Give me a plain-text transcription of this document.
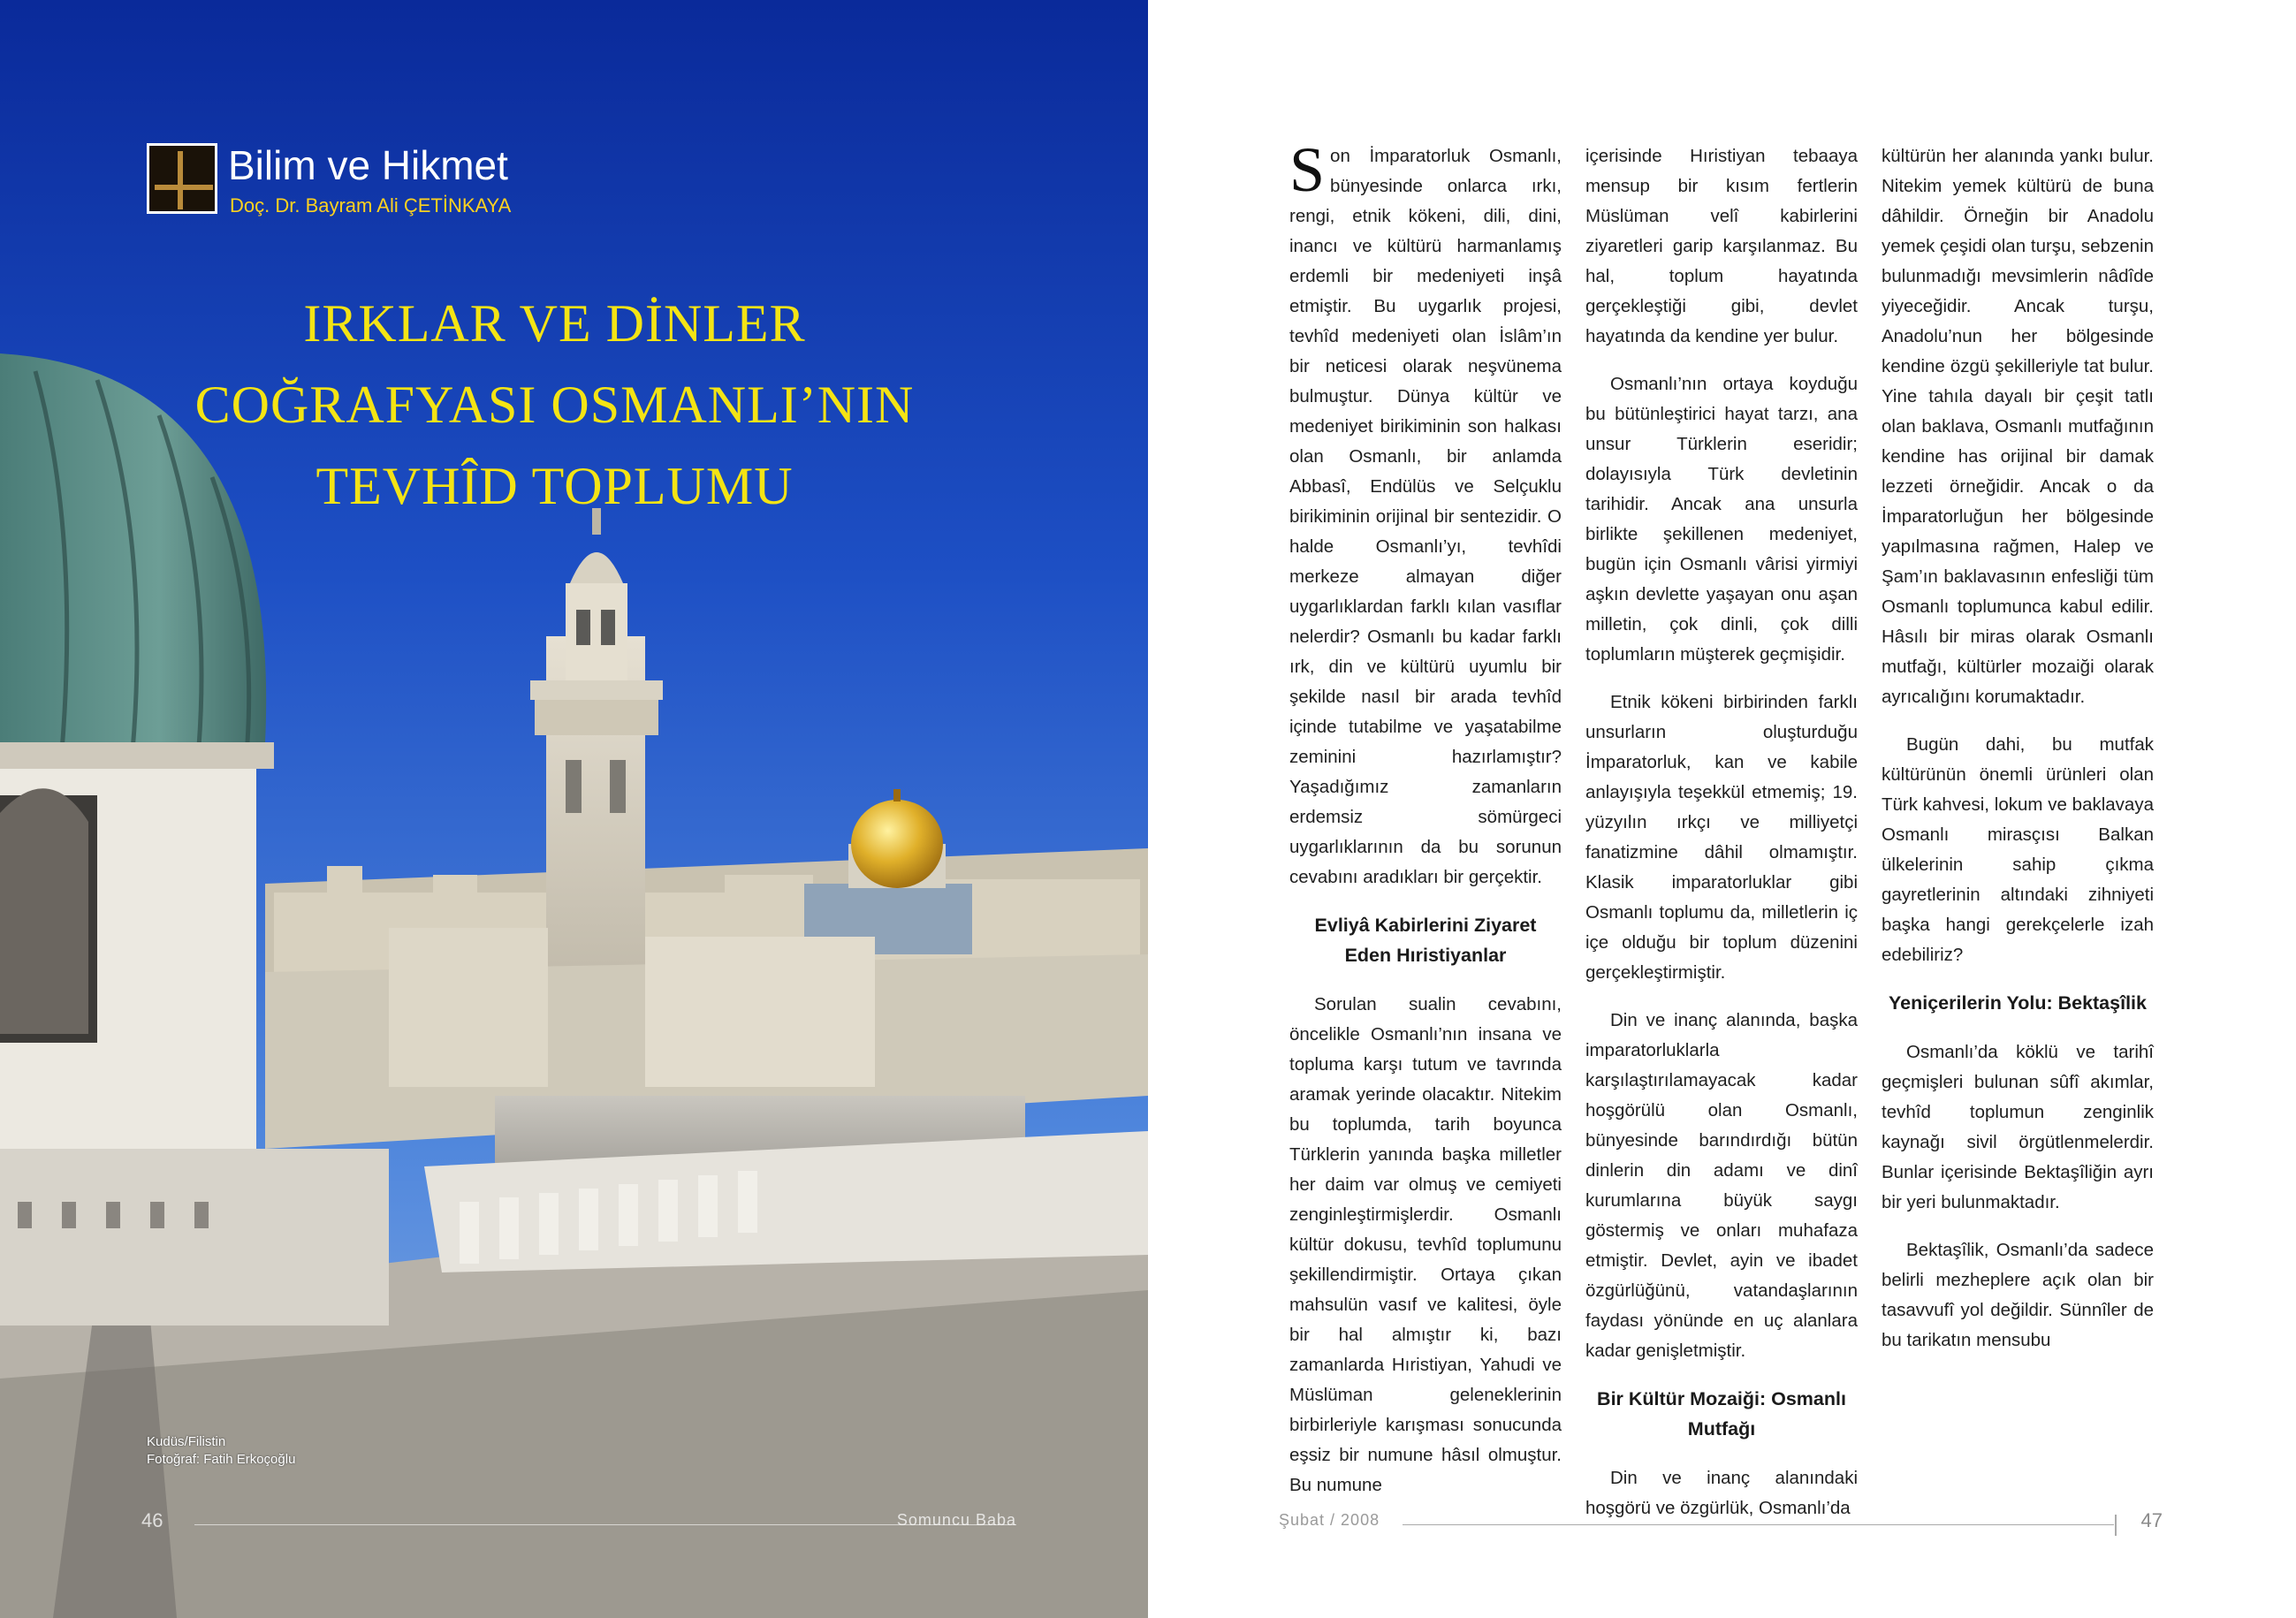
Bilim ve Hikmet
Doç. Dr. Bayram Ali ÇETİNKAYA
IRKLAR VE DİNLER
COĞRAFYASI OSMANLI’NIN
TEVHÎD TOPLUMU
Kudüs/Filistin
Fotoğraf: Fatih Erkoçoğlu
46	Somuncu Baba

Son İmparatorluk Osmanlı, bünyesinde onlarca ırkı, rengi, etnik kökeni, dili, dini, inancı ve kültürü harmanlamış erdemli bir medeniyeti inşâ etmiştir. Bu uygarlık projesi, tevhîd medeniyeti olan İslâm’ın bir neticesi olarak neşvünema bulmuştur. Dünya kültür ve medeniyet birikiminin son halkası olan Osmanlı, bir anlamda Abbasî, Endülüs ve Selçuklu birikiminin orijinal bir sentezidir. O halde Osmanlı’yı, tevhîdi merkeze almayan diğer uygarlıklardan farklı kılan vasıflar nelerdir? Osmanlı bu kadar farklı ırk, din ve kültürü uyumlu bir şekilde nasıl bir arada tevhîd içinde tutabilme ve yaşatabilme zeminini hazırlamıştır? Yaşadığımız zamanların erdemsiz sömürgeci uygarlıklarının da bu sorunun cevabını aradıkları bir gerçektir.

Evliyâ Kabirlerini Ziyaret Eden Hıristiyanlar

Sorulan sualin cevabını, öncelikle Osmanlı’nın insana ve topluma karşı tutum ve tavrında aramak yerinde olacaktır. Nitekim bu toplumda, tarih boyunca Türklerin yanında başka milletler her daim var olmuş ve cemiyeti zenginleştirmişlerdir. Osmanlı kültür dokusu, tevhîd toplumunu şekillendirmiştir. Ortaya çıkan mahsulün vasıf ve kalitesi, öyle bir hal almıştır ki, bazı zamanlarda Hıristiyan, Yahudi ve Müslüman geleneklerinin birbirleriyle karışması sonucunda eşsiz bir numune hâsıl olmuştur. Bu numune

içerisinde Hıristiyan tebaaya mensup bir kısım fertlerin Müslüman velî kabirlerini ziyaretleri garip karşılanmaz. Bu hal, toplum hayatında gerçekleştiği gibi, devlet hayatında da kendine yer bulur.

Osmanlı’nın ortaya koyduğu bu bütünleştirici hayat tarzı, ana unsur Türklerin eseridir; dolayısıyla Türk devletinin tarihidir. Ancak ana unsurla birlikte şekillenen medeniyet, bugün için Osmanlı vârisi yirmiyi aşkın devlette yaşayan onu aşan milletin, çok dinli, çok dilli toplumların müşterek geçmişidir.

Etnik kökeni birbirinden farklı unsurların oluşturduğu İmparatorluk, kan ve kabile anlayışıyla teşekkül etmemiş; 19. yüzyılın ırkçı ve milliyetçi fanatizmine dâhil olmamıştır. Klasik imparatorluklar gibi Osmanlı toplumu da, milletlerin iç içe olduğu bir toplum düzenini gerçekleştirmiştir.

Din ve inanç alanında, başka imparatorluklarla karşılaştırılamayacak kadar hoşgörülü olan Osmanlı, bünyesinde barındırdığı bütün dinlerin din adamı ve dinî kurumlarına büyük saygı göstermiş ve onları muhafaza etmiştir. Devlet, ayin ve ibadet özgürlüğünü, vatandaşlarının faydası yönünde en uç alanlara kadar genişletmiştir.

Bir Kültür Mozaiği: Osmanlı Mutfağı

Din ve inanç alanındaki hoşgörü ve özgürlük, Osmanlı’da

kültürün her alanında yankı bulur. Nitekim yemek kültürü de buna dâhildir. Örneğin bir Anadolu yemek çeşidi olan turşu, sebzenin bulunmadığı mevsimlerin nâdîde yiyeceğidir. Ancak turşu, Anadolu’nun her bölgesinde kendine özgü şekilleriyle tat bulur. Yine tahıla dayalı bir çeşit tatlı olan baklava, Osmanlı mutfağının kendine has orijinal bir damak lezzeti örneğidir. Ancak o da İmparatorluğun her bölgesinde yapılmasına rağmen, Halep ve Şam’ın baklavasının enfesliği tüm Osmanlı toplumunca kabul edilir. Hâsılı bir miras olarak Osmanlı mutfağı, kültürler mozaiği olarak ayrıcalığını korumaktadır.

Bugün dahi, bu mutfak kültürünün önemli ürünleri olan Türk kahvesi, lokum ve baklavaya Osmanlı mirasçısı Balkan ülkelerinin sahip çıkma gayretlerinin altındaki zihniyeti başka hangi gerekçelerle izah edebiliriz?

Yeniçerilerin Yolu: Bektaşîlik

Osmanlı’da köklü ve tarihî geçmişleri bulunan sûfî akımlar, tevhîd toplumun zenginlik kaynağı sivil örgütlenmelerdir. Bunlar içerisinde Bektaşîliğin ayrı bir yeri bulunmaktadır.

Bektaşîlik, Osmanlı’da sadece belirli mezheplere açık olan bir tasavvufî yol değildir. Sünnîler de bu tarikatın mensubu

Şubat / 2008	47
